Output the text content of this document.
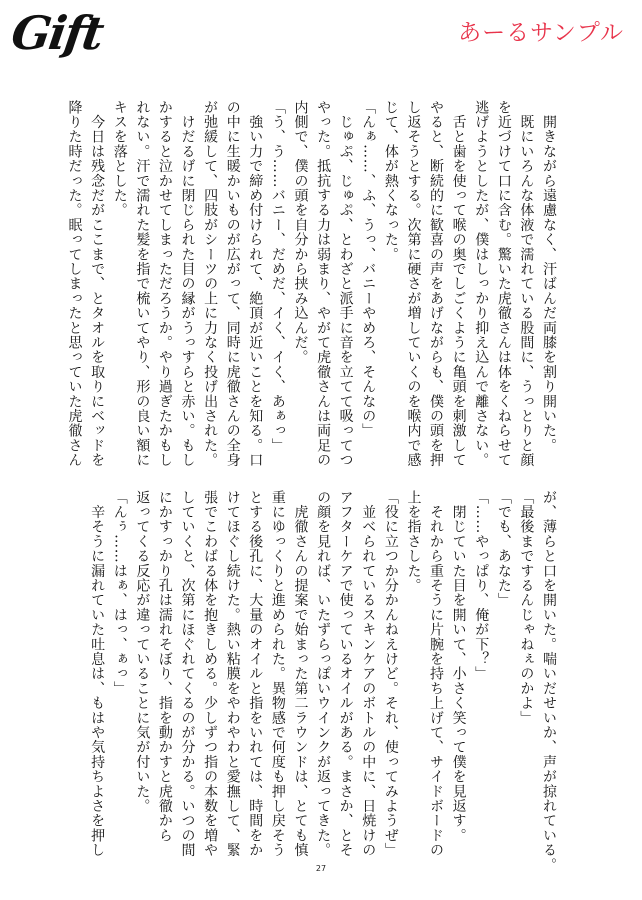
Gift	あーるサンプル

　開きながら遠慮なく、汗ばんだ両膝を割り開いた。

　既にいろんな体液で濡れている股間に、うっとりと顔

を近づけて口に含む。驚いた虎徹さんは体をくねらせて

逃げようとしたが、僕はしっかり抑え込んで離さない。

　舌と歯を使って喉の奥でしごくように亀頭を刺激して

やると、断続的に歓喜の声をあげながらも、僕の頭を押

し返そうとする。次第に硬さが増していくのを喉内で感

じて、体が熱くなった。

「んぁ……、ふ、うっ、バニーやめろ、そんなの」

　じゅぷ、じゅぷ、とわざと派手に音を立てて吸ってつ

やった。抵抗する力は弱まり、やがて虎徹さんは両足の

内側で、僕の頭を自分から挟み込んだ。

「う、う……バニー、だめだ、イく、イく、あぁっ」

　強い力で締め付けられて、絶頂が近いことを知る。口

の中に生暖かいものが広がって、同時に虎徹さんの全身

が弛緩して、四肢がシーツの上に力なく投げ出された。

　けだるげに閉じられた目の縁がうっすらと赤い。もし

かすると泣かせてしまっただろうか。やり過ぎたかもし

れない。汗で濡れた髪を指で梳いてやり、形の良い額に

キスを落とした。

　今日は残念だがここまで、とタオルを取りにベッドを

降りた時だった。眠ってしまったと思っていた虎徹さん

が、薄らと口を開いた。喘いだせいか、声が掠れている。

「最後までするんじゃねぇのかよ」

「でも、あなた」

「……やっぱり、俺が下？」

　閉じていた目を開いて、小さく笑って僕を見返す。

　それから重そうに片腕を持ち上げて、サイドボードの

上を指さした。

「役に立つか分かんねえけど。それ、使ってみようぜ」

　並べられているスキンケアのボトルの中に、日焼けの

アフターケアで使っているオイルがある。まさか、とそ

の顔を見れば、いたずらっぽいウインクが返ってきた。

　虎徹さんの提案で始まった第二ラウンドは、とても慎

重にゆっくりと進められた。異物感で何度も押し戻そう

とする後孔に、大量のオイルと指をいれては、時間をか

けてほぐし続けた。熱い粘膜をやわやわと愛撫して、緊

張でこわばる体を抱きしめる。少しずつ指の本数を増や

していくと、次第にほぐれてくるのが分かる。いつの間

にかすっかり孔は濡れそぼり、指を動かすと虎徹から

返ってくる反応が違っていることに気が付いた。

「んぅ……はぁ、はっ、ぁっ」

　辛そうに漏れていた吐息は、もはや気持ちよさを押し

27
